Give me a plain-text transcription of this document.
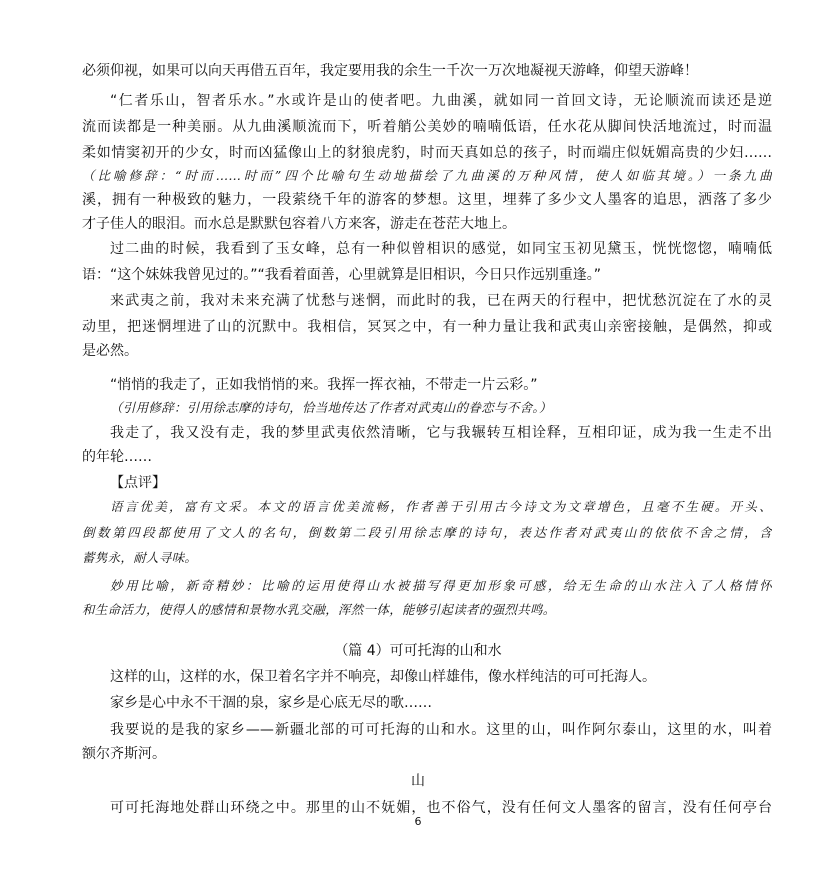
必须仰视，如果可以向天再借五百年，我定要用我的余生一千次一万次地凝视天游峰，仰望天游峰！
“仁者乐山，智者乐水。”水或许是山的使者吧。九曲溪，就如同一首回文诗，无论顺流而读还是逆
流而读都是一种美丽。从九曲溪顺流而下，听着艄公美妙的喃喃低语，任水花从脚间快活地流过，时而温
柔如情窦初开的少女，时而凶猛像山上的豺狼虎豹，时而天真如总的孩子，时而端庄似妩媚高贵的少妇……
（比喻修辞：“时而……时而”四个比喻句生动地描绘了九曲溪的万种风情，使人如临其境。）一条九曲
溪，拥有一种极致的魅力，一段萦绕千年的游客的梦想。这里，埋葬了多少文人墨客的追思，洒落了多少
才子佳人的眼泪。而水总是默默包容着八方来客，游走在苍茫大地上。
过二曲的时候，我看到了玉女峰，总有一种似曾相识的感觉，如同宝玉初见黛玉，恍恍惚惚，喃喃低
语：“这个妹妹我曾见过的。”“我看着面善，心里就算是旧相识，今日只作远别重逢。”
来武夷之前，我对未来充满了忧愁与迷惘，而此时的我，已在两天的行程中，把忧愁沉淀在了水的灵
动里，把迷惘埋进了山的沉默中。我相信，冥冥之中，有一种力量让我和武夷山亲密接触，是偶然，抑或
是必然。
“悄悄的我走了，正如我悄悄的来。我挥一挥衣袖，不带走一片云彩。”
（引用修辞：引用徐志摩的诗句，恰当地传达了作者对武夷山的眷恋与不舍。）
我走了，我又没有走，我的梦里武夷依然清晰，它与我辗转互相诠释，互相印证，成为我一生走不出
的年轮……
【点评】
语言优美，富有文采。本文的语言优美流畅，作者善于引用古今诗文为文章增色，且毫不生硬。开头、
倒数第四段都使用了文人的名句，倒数第二段引用徐志摩的诗句，表达作者对武夷山的依依不舍之情，含
蓄隽永，耐人寻味。
妙用比喻，新奇精妙：比喻的运用使得山水被描写得更加形象可感，给无生命的山水注入了人格情怀
和生命活力，使得人的感情和景物水乳交融，浑然一体，能够引起读者的强烈共鸣。
（篇 4）可可托海的山和水
这样的山，这样的水，保卫着名字并不响亮，却像山样雄伟，像水样纯洁的可可托海人。
家乡是心中永不干涸的泉，家乡是心底无尽的歌……
我要说的是我的家乡——新疆北部的可可托海的山和水。这里的山，叫作阿尔泰山，这里的水，叫着
额尔齐斯河。
山
可可托海地处群山环绕之中。那里的山不妩媚，也不俗气，没有任何文人墨客的留言，没有任何亭台
6
